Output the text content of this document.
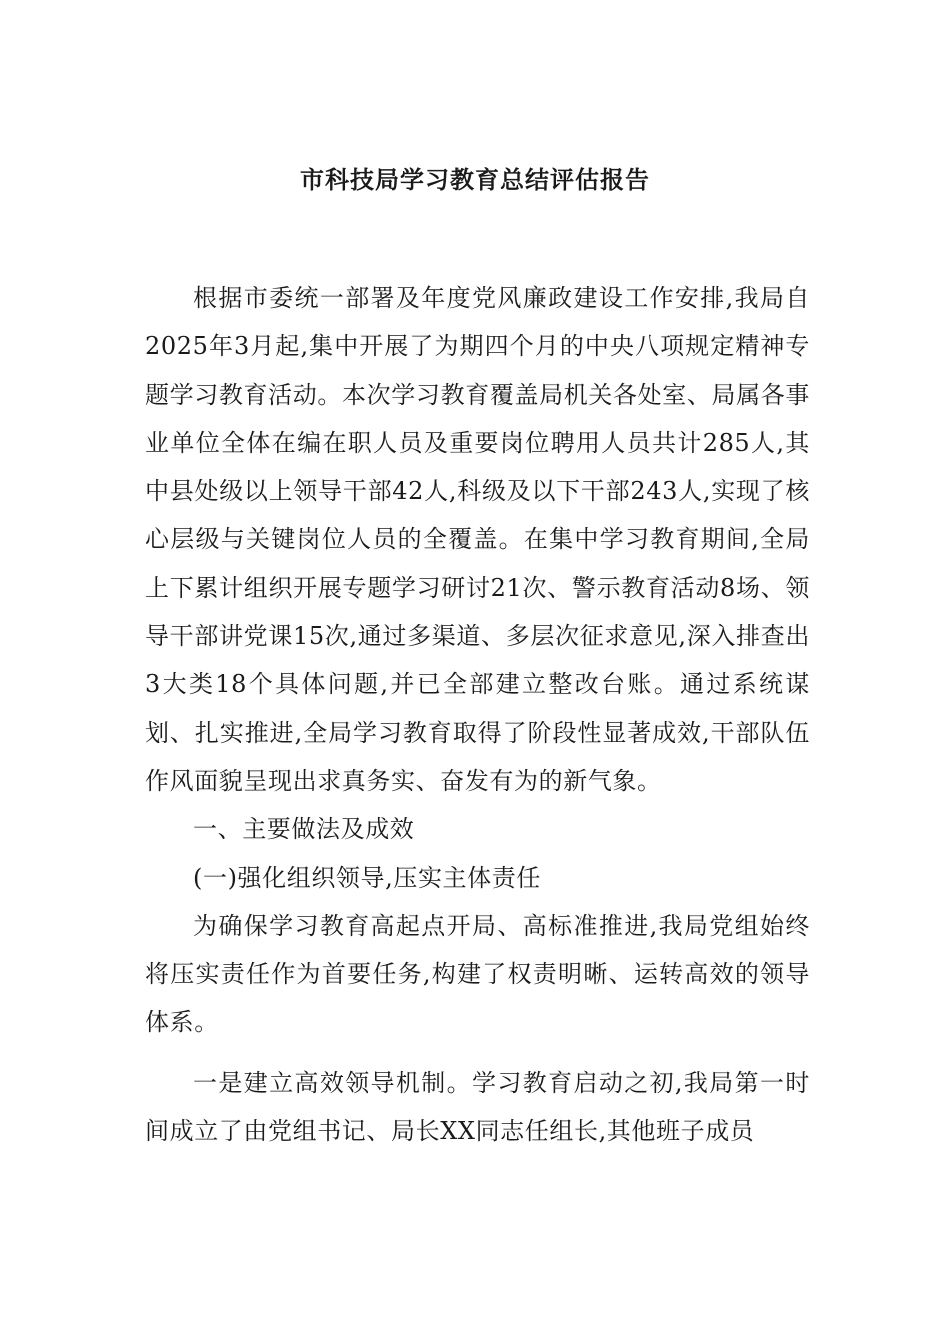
市科技局学习教育总结评估报告

根据市委统一部署及年度党风廉政建设工作安排,我局自2025年3月起,集中开展了为期四个月的中央八项规定精神专题学习教育活动。本次学习教育覆盖局机关各处室、局属各事业单位全体在编在职人员及重要岗位聘用人员共计285人,其中县处级以上领导干部42人,科级及以下干部243人,实现了核心层级与关键岗位人员的全覆盖。在集中学习教育期间,全局上下累计组织开展专题学习研讨21次、警示教育活动8场、领导干部讲党课15次,通过多渠道、多层次征求意见,深入排查出3大类18个具体问题,并已全部建立整改台账。通过系统谋划、扎实推进,全局学习教育取得了阶段性显著成效,干部队伍作风面貌呈现出求真务实、奋发有为的新气象。

一、主要做法及成效

(一)强化组织领导,压实主体责任

为确保学习教育高起点开局、高标准推进,我局党组始终将压实责任作为首要任务,构建了权责明晰、运转高效的领导体系。

一是建立高效领导机制。学习教育启动之初,我局第一时间成立了由党组书记、局长XX同志任组长,其他班子成员
